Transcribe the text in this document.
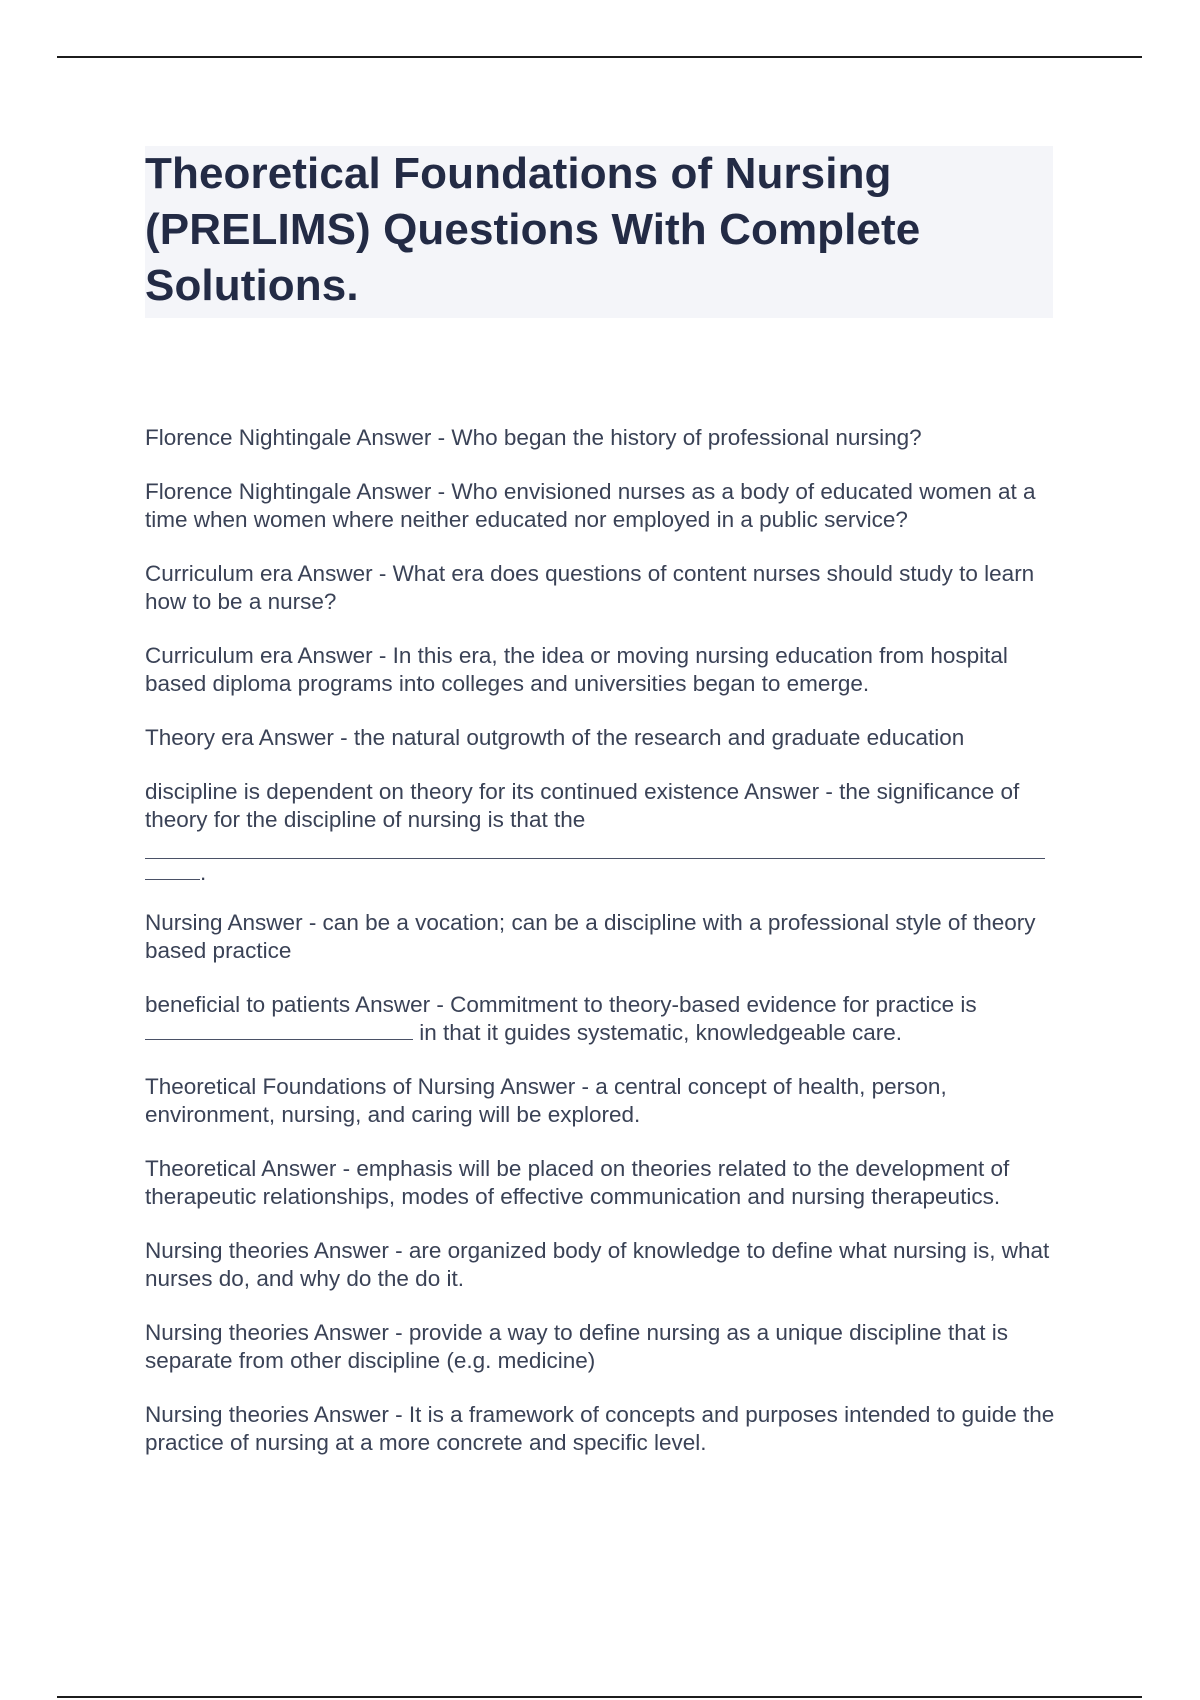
Theoretical Foundations of Nursing (PRELIMS) Questions With Complete Solutions.

Florence Nightingale Answer - Who began the history of professional nursing?

Florence Nightingale Answer - Who envisioned nurses as a body of educated women at a time when women where neither educated nor employed in a public service?

Curriculum era Answer - What era does questions of content nurses should study to learn how to be a nurse?

Curriculum era Answer - In this era, the idea or moving nursing education from hospital based diploma programs into colleges and universities began to emerge.

Theory era Answer - the natural outgrowth of the research and graduate education

discipline is dependent on theory for its continued existence Answer - the significance of theory for the discipline of nursing is that the
.

Nursing Answer - can be a vocation; can be a discipline with a professional style of theory based practice

beneficial to patients Answer - Commitment to theory-based evidence for practice is  in that it guides systematic, knowledgeable care.

Theoretical Foundations of Nursing Answer - a central concept of health, person, environment, nursing, and caring will be explored.

Theoretical Answer - emphasis will be placed on theories related to the development of therapeutic relationships, modes of effective communication and nursing therapeutics.

Nursing theories Answer - are organized body of knowledge to define what nursing is, what nurses do, and why do the do it.

Nursing theories Answer - provide a way to define nursing as a unique discipline that is separate from other discipline (e.g. medicine)

Nursing theories Answer - It is a framework of concepts and purposes intended to guide the practice of nursing at a more concrete and specific level.
